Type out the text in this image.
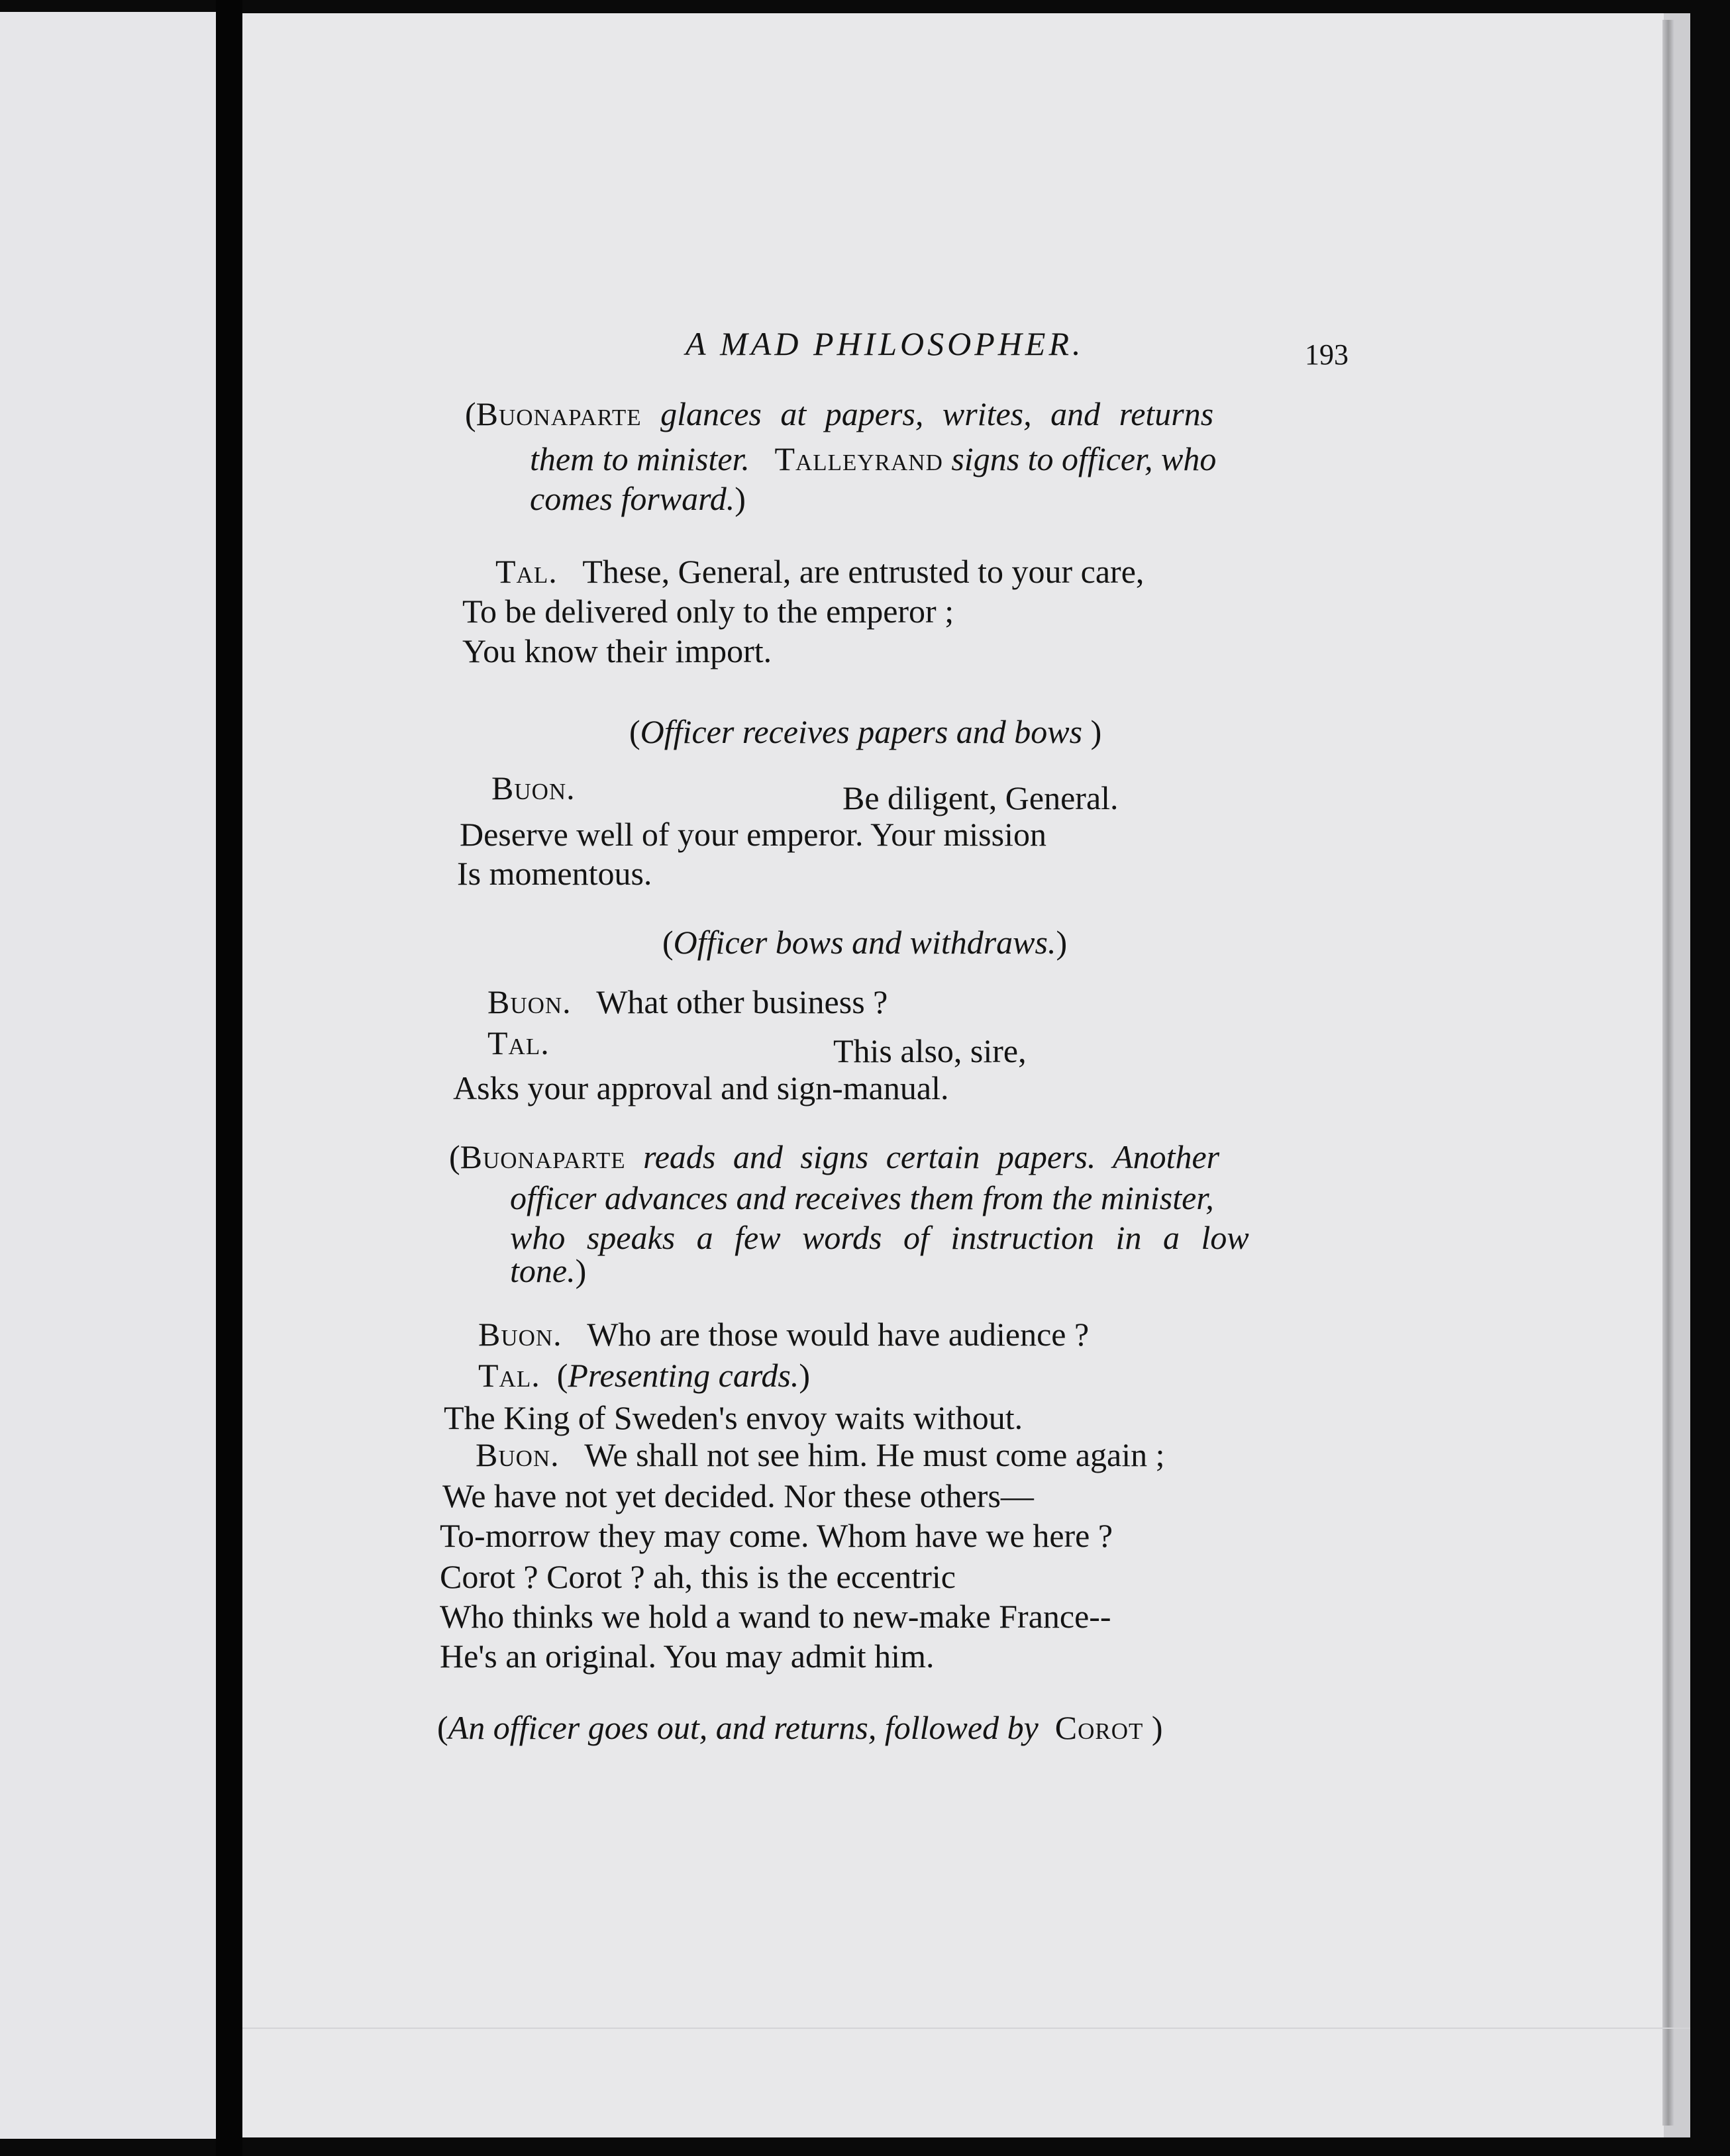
A MAD PHILOSOPHER.	193
(Buonaparte glances at papers, writes, and returns
them to minister. Talleyrand signs to officer, who
comes forward.)
Tal. These, General, are entrusted to your care,
To be delivered only to the emperor ;
You know their import.
(Officer receives papers and bows )
Buon.	Be diligent, General.
Deserve well of your emperor. Your mission
Is momentous.
(Officer bows and withdraws.)
Buon. What other business ?
Tal.	This also, sire,
Asks your approval and sign-manual.
(Buonaparte reads and signs certain papers. Another
officer advances and receives them from the minister,
who speaks a few words of instruction in a low
tone.)
Buon. Who are those would have audience ?
Tal. (Presenting cards.)
The King of Sweden's envoy waits without.
Buon. We shall not see him. He must come again ;
We have not yet decided. Nor these others—
To-morrow they may come. Whom have we here ?
Corot ? Corot ? ah, this is the eccentric
Who thinks we hold a wand to new-make France--
He's an original. You may admit him.
(An officer goes out, and returns, followed by Corot )
